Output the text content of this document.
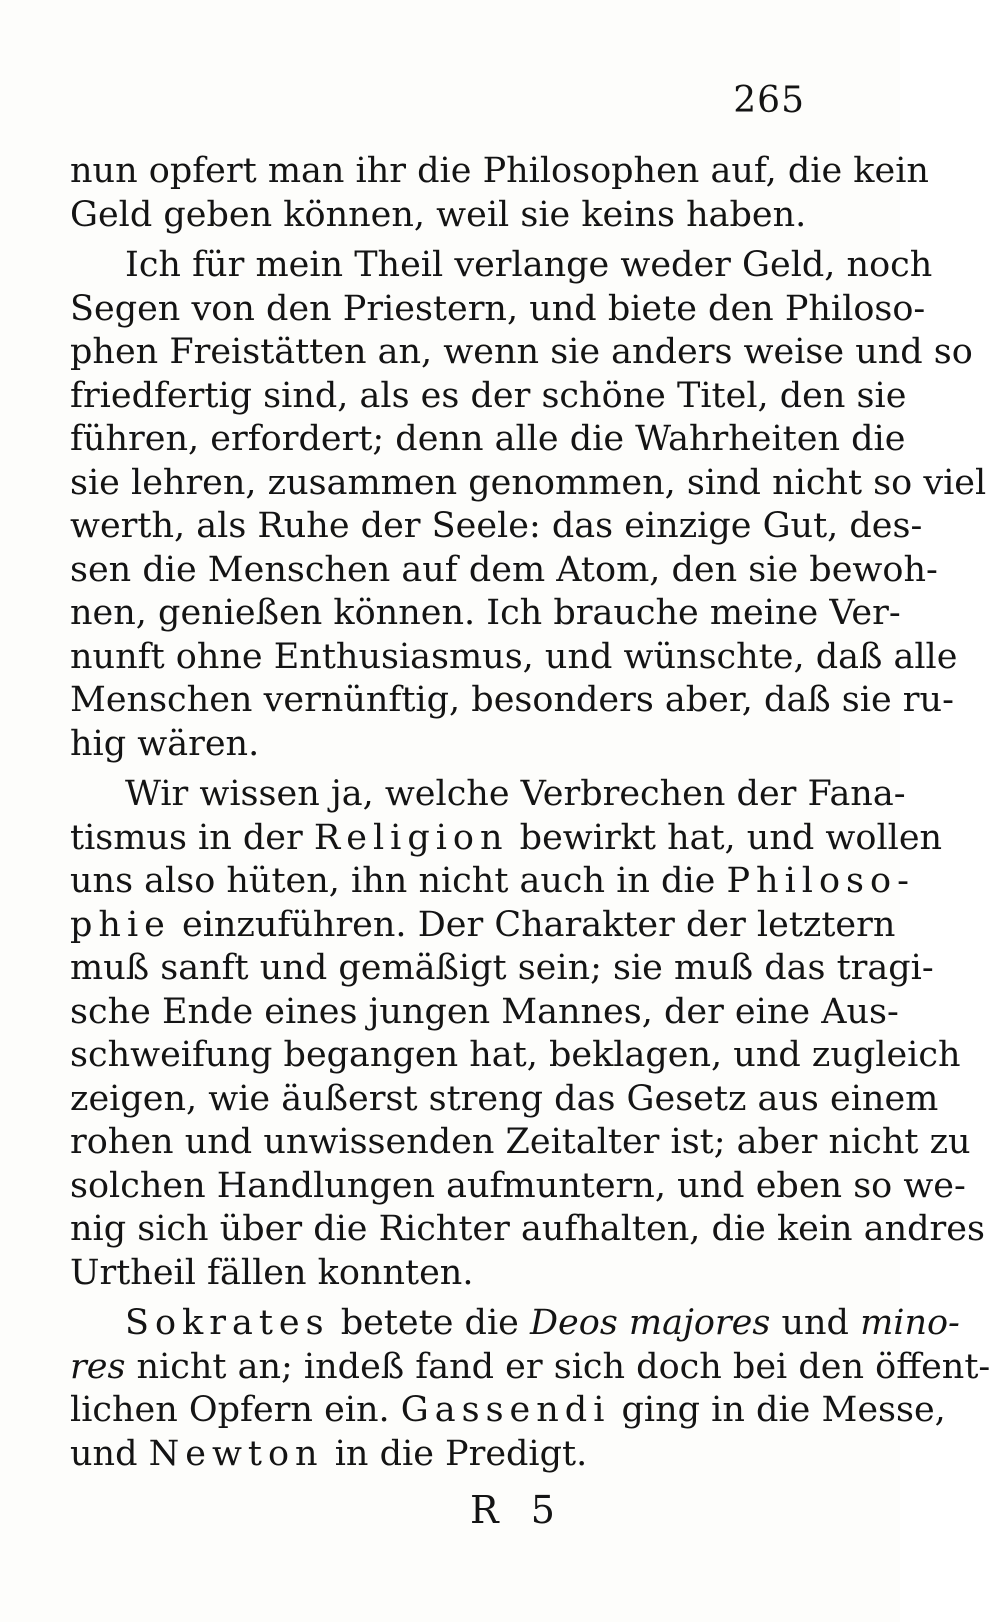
265
nun opfert man ihr die Philosophen auf, die kein
Geld geben können, weil sie keins haben.
Ich für mein Theil verlange weder Geld, noch
Segen von den Priestern, und biete den Philoso-
phen Freistätten an, wenn sie anders weise und so
friedfertig sind, als es der schöne Titel, den sie
führen, erfordert; denn alle die Wahrheiten die
sie lehren, zusammen genommen, sind nicht so viel
werth, als Ruhe der Seele: das einzige Gut, des-
sen die Menschen auf dem Atom, den sie bewoh-
nen, genießen können. Ich brauche meine Ver-
nunft ohne Enthusiasmus, und wünschte, daß alle
Menschen vernünftig, besonders aber, daß sie ru-
hig wären.
Wir wissen ja, welche Verbrechen der Fana-
tismus in der Religion bewirkt hat, und wollen
uns also hüten, ihn nicht auch in die Philoso-
phie einzuführen. Der Charakter der letztern
muß sanft und gemäßigt sein; sie muß das tragi-
sche Ende eines jungen Mannes, der eine Aus-
schweifung begangen hat, beklagen, und zugleich
zeigen, wie äußerst streng das Gesetz aus einem
rohen und unwissenden Zeitalter ist; aber nicht zu
solchen Handlungen aufmuntern, und eben so we-
nig sich über die Richter aufhalten, die kein andres
Urtheil fällen konnten.
Sokrates betete die Deos majores und mino-
res nicht an; indeß fand er sich doch bei den öffent-
lichen Opfern ein. Gassendi ging in die Messe,
und Newton in die Predigt.
R 5
